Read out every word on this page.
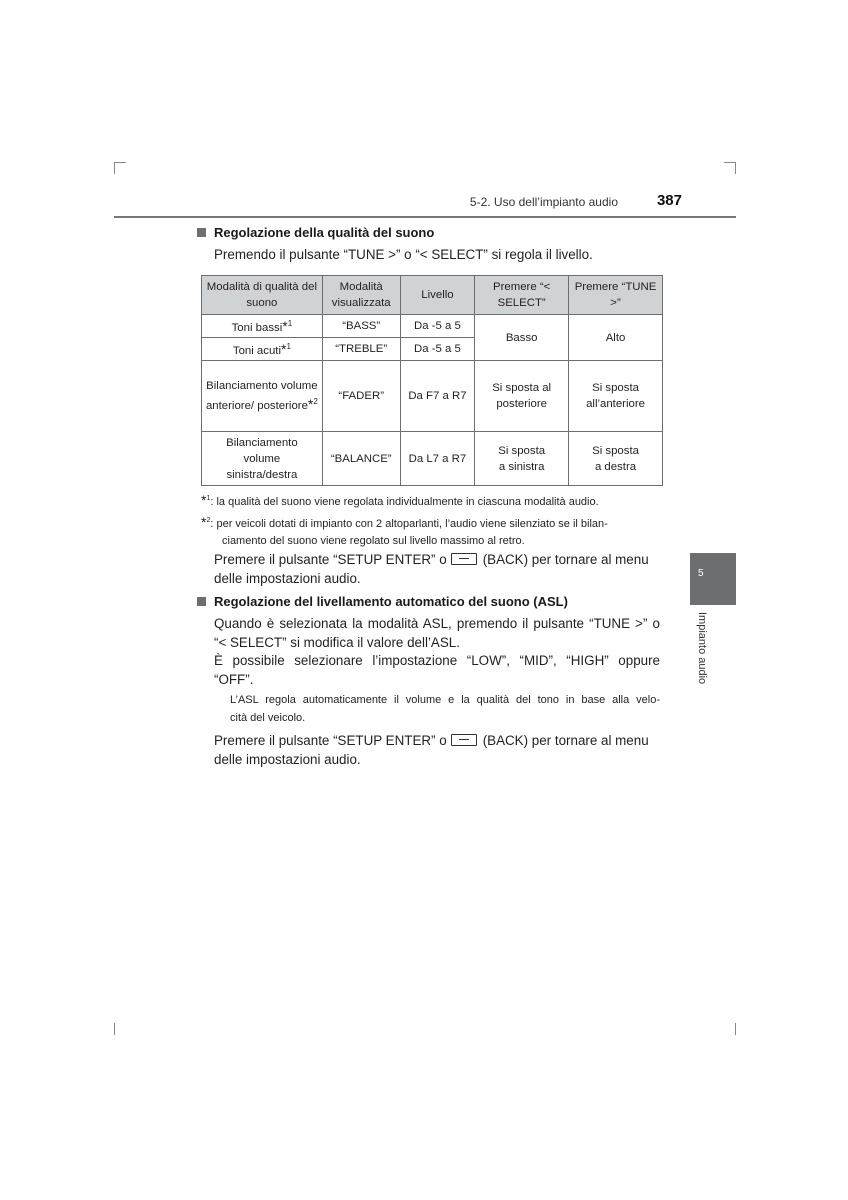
5-2. Uso dell’impianto audio	387
5
Impianto audio
Regolazione della qualità del suono
Premendo il pulsante “TUNE >” o “< SELECT” si regola il livello.
Modalità di qualità del suono	Modalità visualizzata	Livello	Premere “< SELECT”	Premere “TUNE >”
Toni bassi*$^1$	“BASS”	Da -5 a 5	Basso	Alto
Toni acuti*$^1$	“TREBLE”	Da -5 a 5		
Bilanciamento volume anteriore/ posteriore*$^2$	“FADER”	Da F7 a R7	Si sposta al posteriore	Si sposta all’anteriore
Bilanciamento volume sinistra/destra	“BALANCE”	Da L7 a R7	Si sposta a sinistra	Si sposta a destra
*$^1$: la qualità del suono viene regolata individualmente in ciascuna modalità audio.
*$^2$: per veicoli dotati di impianto con 2 altoparlanti, l’audio viene silenziato se il bilan-
ciamento del suono viene regolato sul livello massimo al retro.
Premere il pulsante “SETUP ENTER” o	(BACK) per tornare al menu
delle impostazioni audio.
Regolazione del livellamento automatico del suono (ASL)
Quando è selezionata la modalità ASL, premendo il pulsante “TUNE >” o
“< SELECT” si modifica il valore dell’ASL.
È possibile selezionare l’impostazione “LOW”, “MID”, “HIGH” oppure
“OFF”.
L’ASL regola automaticamente il volume e la qualità del tono in base alla velo-
cità del veicolo.
Premere il pulsante “SETUP ENTER” o	(BACK) per tornare al menu
delle impostazioni audio.
